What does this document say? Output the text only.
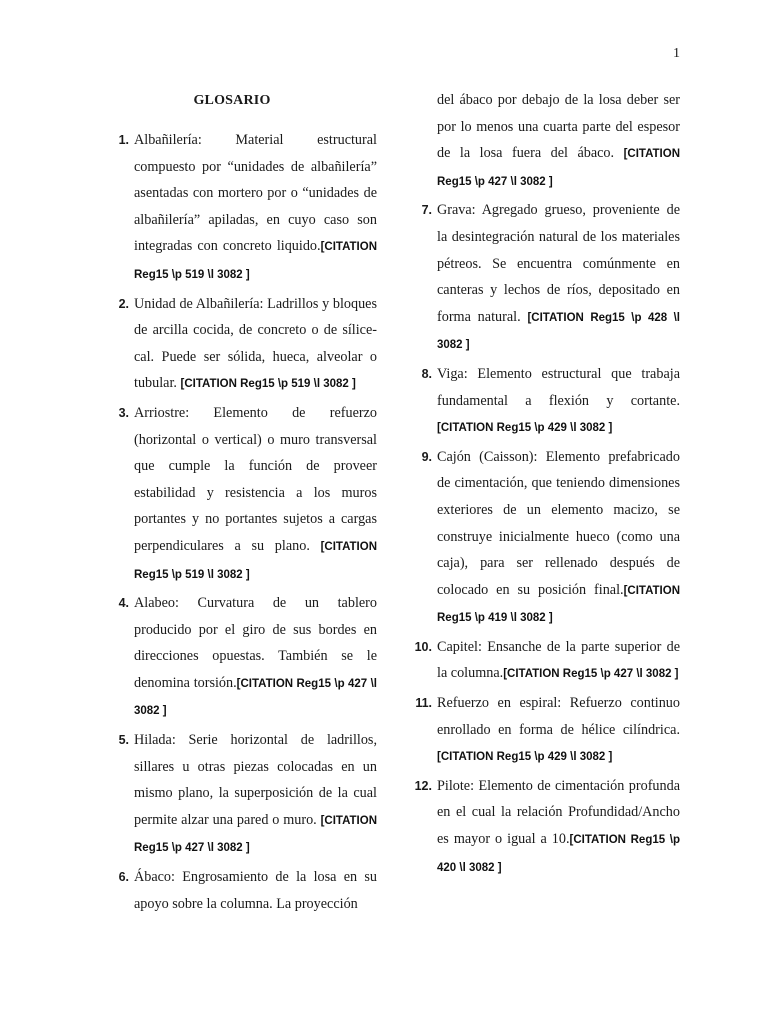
1
GLOSARIO
1. Albañilería: Material estructural compuesto por “unidades de albañilería” asentadas con mortero por o “unidades de albañilería” apiladas, en cuyo caso son integradas con concreto liquido.[CITATION Reg15 \p 519 \l 3082 ]
2. Unidad de Albañilería: Ladrillos y bloques de arcilla cocida, de concreto o de sílice-cal. Puede ser sólida, hueca, alveolar o tubular. [CITATION Reg15 \p 519 \l 3082 ]
3. Arriostre: Elemento de refuerzo (horizontal o vertical) o muro transversal que cumple la función de proveer estabilidad y resistencia a los muros portantes y no portantes sujetos a cargas perpendiculares a su plano. [CITATION Reg15 \p 519 \l 3082 ]
4. Alabeo: Curvatura de un tablero producido por el giro de sus bordes en direcciones opuestas. También se le denomina torsión.[CITATION Reg15 \p 427 \l 3082 ]
5. Hilada: Serie horizontal de ladrillos, sillares u otras piezas colocadas en un mismo plano, la superposición de la cual permite alzar una pared o muro. [CITATION Reg15 \p 427 \l 3082 ]
6. Ábaco: Engrosamiento de la losa en su apoyo sobre la columna. La proyección
del ábaco por debajo de la losa deber ser por lo menos una cuarta parte del espesor de la losa fuera del ábaco. [CITATION Reg15 \p 427 \l 3082 ]
7. Grava: Agregado grueso, proveniente de la desintegración natural de los materiales pétreos. Se encuentra comúnmente en canteras y lechos de ríos, depositado en forma natural. [CITATION Reg15 \p 428 \l 3082 ]
8. Viga: Elemento estructural que trabaja fundamental a flexión y cortante. [CITATION Reg15 \p 429 \l 3082 ]
9. Cajón (Caisson): Elemento prefabricado de cimentación, que teniendo dimensiones exteriores de un elemento macizo, se construye inicialmente hueco (como una caja), para ser rellenado después de colocado en su posición final.[CITATION Reg15 \p 419 \l 3082 ]
10. Capitel: Ensanche de la parte superior de la columna.[CITATION Reg15 \p 427 \l 3082 ]
11. Refuerzo en espiral: Refuerzo continuo enrollado en forma de hélice cilíndrica. [CITATION Reg15 \p 429 \l 3082 ]
12. Pilote: Elemento de cimentación profunda en el cual la relación Profundidad/Ancho es mayor o igual a 10.[CITATION Reg15 \p 420 \l 3082 ]
